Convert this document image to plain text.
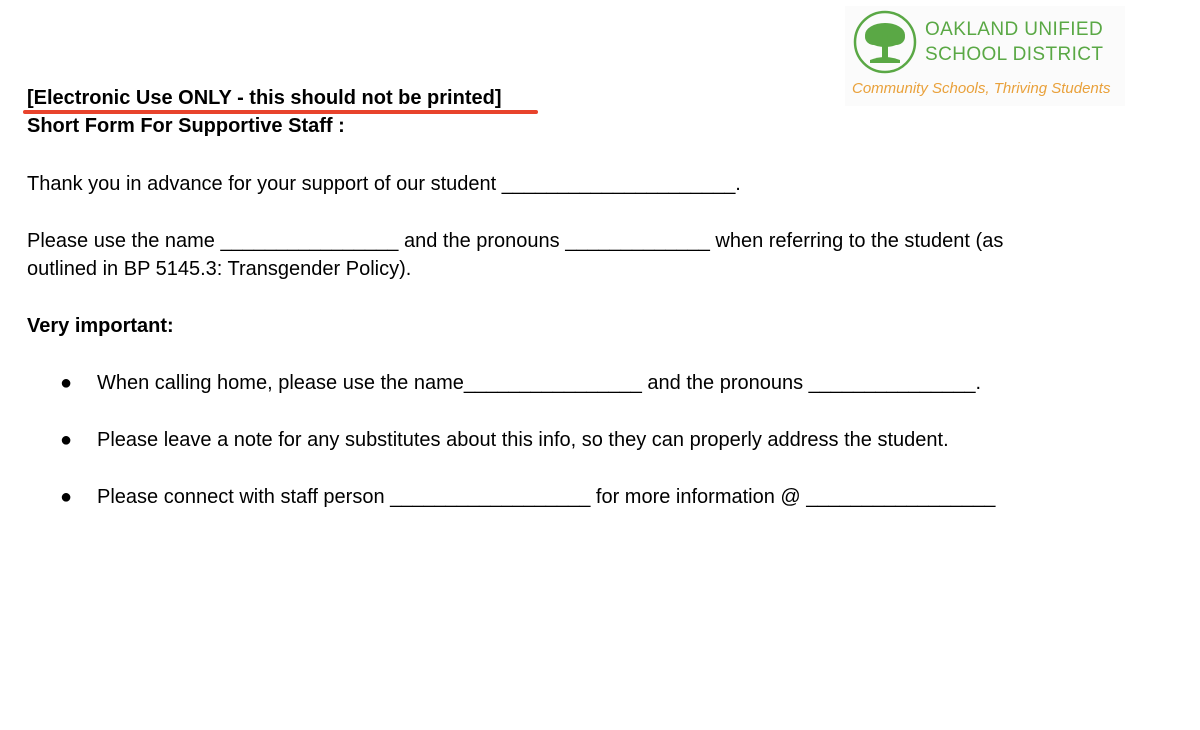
OAKLAND UNIFIED
SCHOOL DISTRICT
Community Schools, Thriving Students
[Electronic Use ONLY - this should not be printed]
Short Form For Supportive Staff :
Thank you in advance for your support of our student _____________________.
Please use the name ________________ and the pronouns _____________ when referring to the student (as
outlined in BP 5145.3: Transgender Policy).
Very important:
● When calling home, please use the name________________ and the pronouns _______________.
● Please leave a note for any substitutes about this info, so they can properly address the student.
● Please connect with staff person __________________ for more information @ _________________
